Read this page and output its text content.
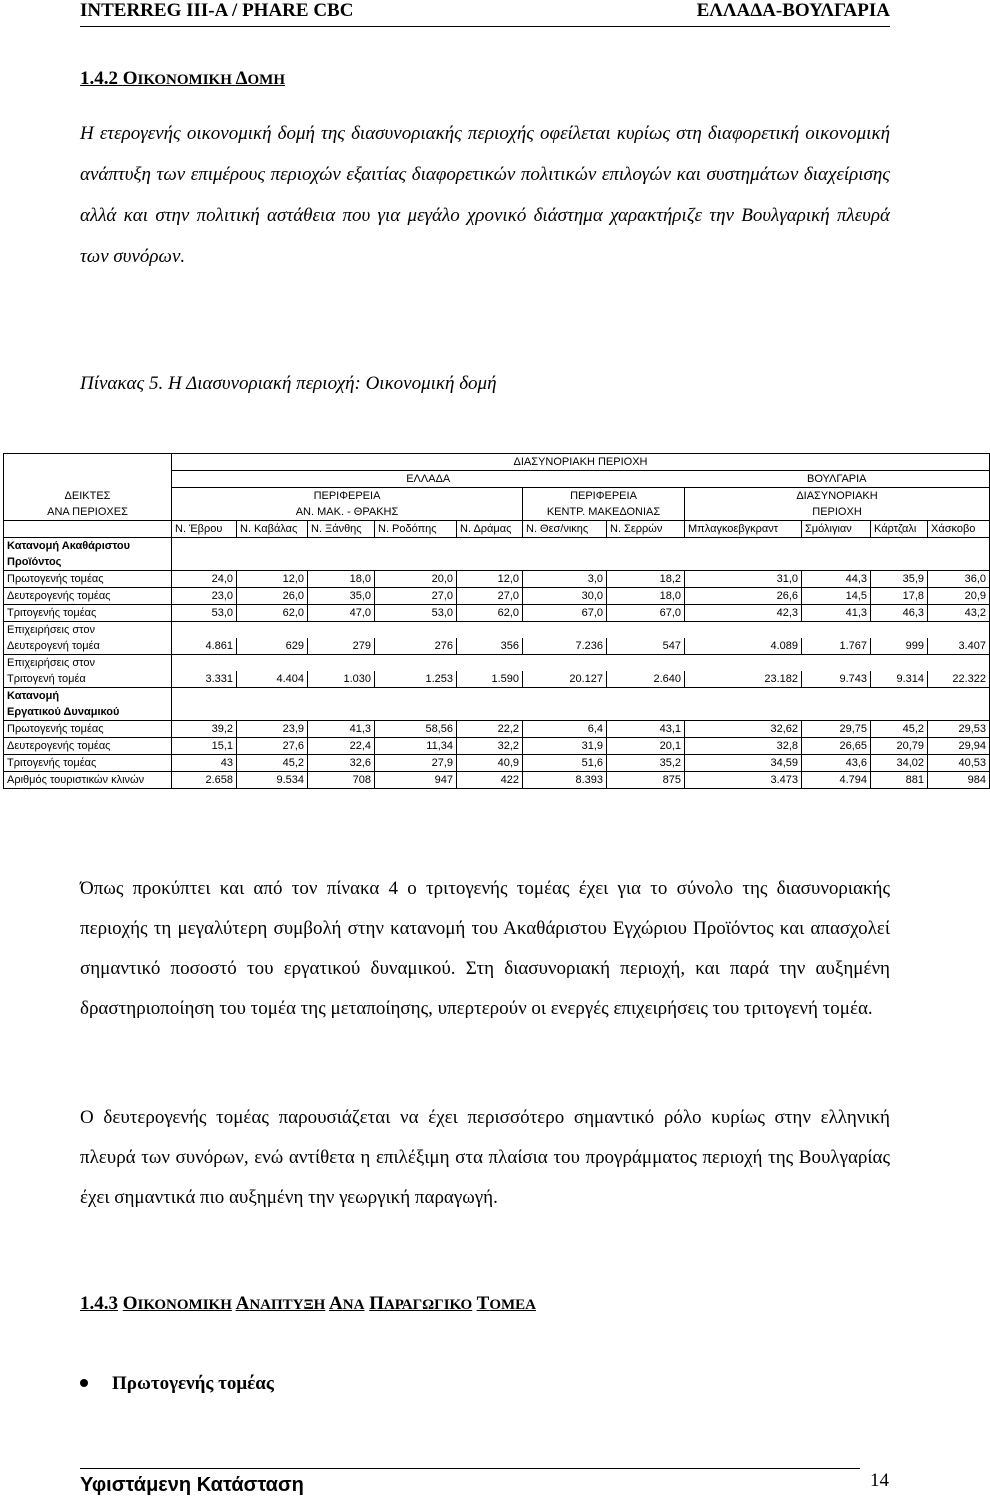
INTERREG III-A / PHARE CBC	ΕΛΛΑΔΑ-ΒΟΥΛΓΑΡΙΑ
1.4.2 ΟΙΚΟΝΟΜΙΚΗ ΔΟΜΗ
Η ετερογενής οικονομική δομή της διασυνοριακής περιοχής οφείλεται κυρίως στη διαφορετική οικονομική ανάπτυξη των επιμέρους περιοχών εξαιτίας διαφορετικών πολιτικών επιλογών και συστημάτων διαχείρισης αλλά και στην πολιτική αστάθεια που για μεγάλο χρονικό διάστημα χαρακτήριζε την Βουλγαρική πλευρά των συνόρων.
Πίνακας 5. Η Διασυνοριακή περιοχή: Οικονομική δομή
	ΔΙΑΣΥΝΟΡΙΑΚΗ ΠΕΡΙΟΧΗ										
	ΕΛΛΑΔΑ							ΒΟΥΛΓΑΡΙΑ			
ΔΕΙΚΤΕΣ	ΠΕΡΙΦΕΡΕΙΑ					ΠΕΡΙΦΕΡΕΙΑ		ΔΙΑΣΥΝΟΡΙΑΚΗ			
ΑΝΑ ΠΕΡΙΟΧΕΣ	ΑΝ. ΜΑΚ. - ΘΡΑΚΗΣ					ΚΕΝΤΡ. ΜΑΚΕΔΟΝΙΑΣ		ΠΕΡΙΟΧΗ			
	Ν. Έβρου	Ν. Καβάλας	Ν. Ξάνθης	Ν. Ροδόπης	Ν. Δράμας	Ν. Θεσ/νικης	Ν. Σερρών	Μπλαγκοεβγκραντ	Σμόλιγιαν	Κάρτζαλι	Χάσκοβο
Κατανομή Ακαθάριστου											
Προϊόντος											
Πρωτογενής τομέας	24,0	12,0	18,0	20,0	12,0	3,0	18,2	31,0	44,3	35,9	36,0
Δευτερογενής τομέας	23,0	26,0	35,0	27,0	27,0	30,0	18,0	26,6	14,5	17,8	20,9
Τριτογενής τομέας	53,0	62,0	47,0	53,0	62,0	67,0	67,0	42,3	41,3	46,3	43,2
Επιχειρήσεις στον											
Δευτερογενή τομέα	4.861	629	279	276	356	7.236	547	4.089	1.767	999	3.407
Επιχειρήσεις στον											
Τριτογενή τομέα	3.331	4.404	1.030	1.253	1.590	20.127	2.640	23.182	9.743	9.314	22.322
Κατανομή											
Εργατικού Δυναμικού											
Πρωτογενής τομέας	39,2	23,9	41,3	58,56	22,2	6,4	43,1	32,62	29,75	45,2	29,53
Δευτερογενής τομέας	15,1	27,6	22,4	11,34	32,2	31,9	20,1	32,8	26,65	20,79	29,94
Τριτογενής τομέας	43	45,2	32,6	27,9	40,9	51,6	35,2	34,59	43,6	34,02	40,53
Αριθμός τουριστικών κλινών	2.658	9.534	708	947	422	8.393	875	3.473	4.794	881	984
Όπως προκύπτει και από τον πίνακα 4 ο τριτογενής τομέας έχει για το σύνολο της διασυνοριακής περιοχής τη μεγαλύτερη συμβολή στην κατανομή του Ακαθάριστου Εγχώριου Προϊόντος και απασχολεί σημαντικό ποσοστό του εργατικού δυναμικού. Στη διασυνοριακή περιοχή, και παρά την αυξημένη δραστηριοποίηση του τομέα της μεταποίησης, υπερτερούν οι ενεργές επιχειρήσεις του τριτογενή τομέα.
Ο δευτερογενής τομέας παρουσιάζεται να έχει περισσότερο σημαντικό ρόλο κυρίως στην ελληνική πλευρά των συνόρων, ενώ αντίθετα η επιλέξιμη στα πλαίσια του προγράμματος περιοχή της Βουλγαρίας έχει σημαντικά πιο αυξημένη την γεωργική παραγωγή.
1.4.3 ΟΙΚΟΝΟΜΙΚΗ ΑΝΑΠΤΥΞΗ ΑΝΑ ΠΑΡΑΓΩΓΙΚΟ ΤΟΜΕΑ
Πρωτογενής τομέας
Υφιστάμενη Κατάσταση	14
